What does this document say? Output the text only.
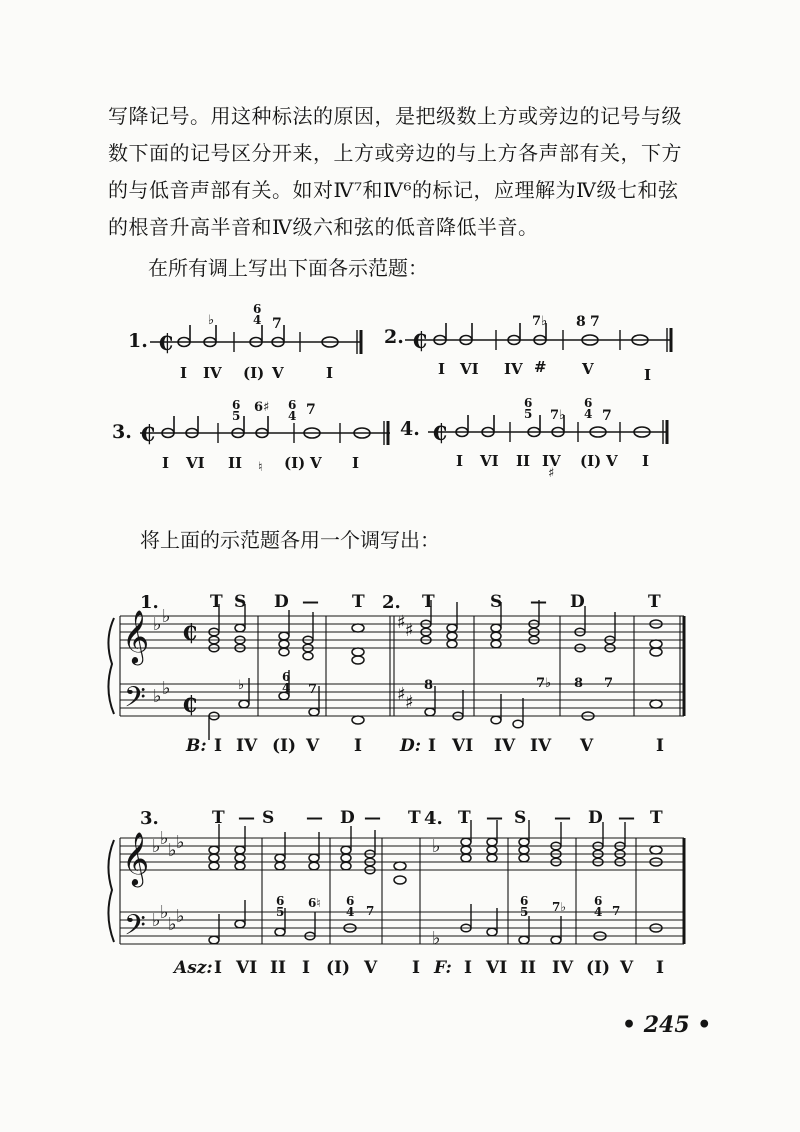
写降记号。用这种标法的原因，是把级数上方或旁边的记号与级
数下面的记号区分开来，上方或旁边的与上方各声部有关，下方
的与低音声部有关。如对Ⅳ⁷和Ⅳ⁶的标记，应理解为Ⅳ级七和弦
的根音升高半音和Ⅳ级六和弦的低音降低半音。
在所有调上写出下面各示范题：
将上面的示范题各用一个调写出：
₵	₵
₵	₵
𝄞
𝄢
𝄞
𝄢
♭ ♭
♭ ♭
♭ ♭
♭ ♭
♭ ♭
♭ ♭
♭
♭
♯ ♯
♯ ♯
₵
₵
1.	2.
3.	4.
♭
6
4 7
I IV (I) V	I
7♭ 8 7
I VI IV # V	I
6
5
6♯ 6
4 7
I VI II ♮ (I) V I
6
5 7♭
6
4 7
I VI II IV
♯
(I) V I
1.	T S D — T 2. T	S — D	T
♭
6
4 7	8	7♭ 8 7
B: I IV (I) V I D: I VI IV IV V	I
3.	T — S — D — T 4. T — S — D — T
6
5
6♮ 6
4 7
6
5 7♭ 6
4 7
Asz: I VI II I (I) V I F: I VI II IV (I) V I
• 245 •
